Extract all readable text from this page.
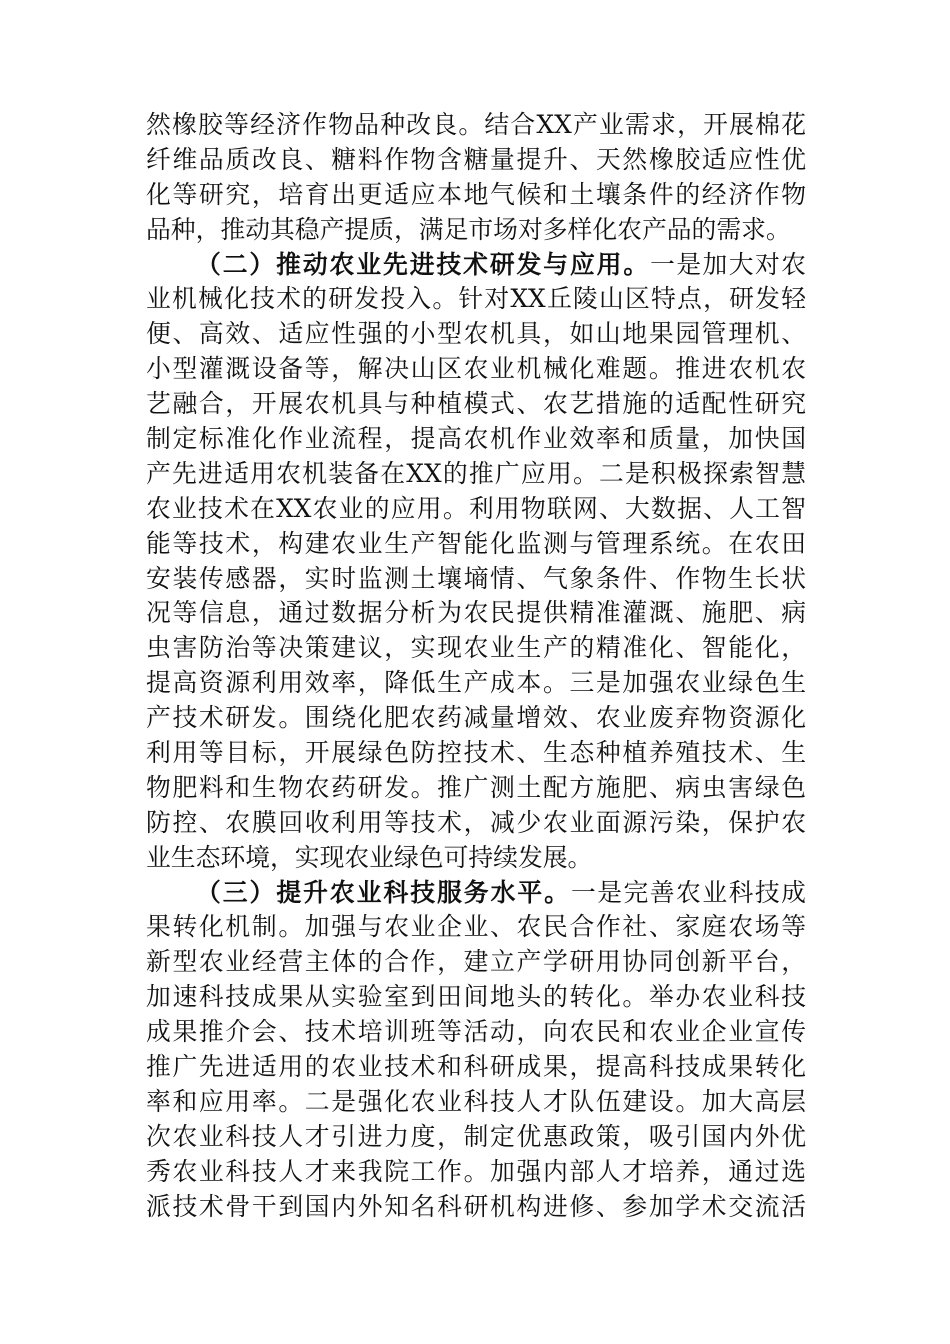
然橡胶等经济作物品种改良。结合XX产业需求，开展棉花
纤维品质改良、糖料作物含糖量提升、天然橡胶适应性优
化等研究，培育出更适应本地气候和土壤条件的经济作物
品种，推动其稳产提质，满足市场对多样化农产品的需求。
（二）推动农业先进技术研发与应用。一是加大对农
业机械化技术的研发投入。针对XX丘陵山区特点，研发轻
便、高效、适应性强的小型农机具，如山地果园管理机、
小型灌溉设备等，解决山区农业机械化难题。推进农机农
艺融合，开展农机具与种植模式、农艺措施的适配性研究
制定标准化作业流程，提高农机作业效率和质量，加快国
产先进适用农机装备在XX的推广应用。二是积极探索智慧
农业技术在XX农业的应用。利用物联网、大数据、人工智
能等技术，构建农业生产智能化监测与管理系统。在农田
安装传感器，实时监测土壤墒情、气象条件、作物生长状
况等信息，通过数据分析为农民提供精准灌溉、施肥、病
虫害防治等决策建议，实现农业生产的精准化、智能化，
提高资源利用效率，降低生产成本。三是加强农业绿色生
产技术研发。围绕化肥农药减量增效、农业废弃物资源化
利用等目标，开展绿色防控技术、生态种植养殖技术、生
物肥料和生物农药研发。推广测土配方施肥、病虫害绿色
防控、农膜回收利用等技术，减少农业面源污染，保护农
业生态环境，实现农业绿色可持续发展。
（三）提升农业科技服务水平。一是完善农业科技成
果转化机制。加强与农业企业、农民合作社、家庭农场等
新型农业经营主体的合作，建立产学研用协同创新平台，
加速科技成果从实验室到田间地头的转化。举办农业科技
成果推介会、技术培训班等活动，向农民和农业企业宣传
推广先进适用的农业技术和科研成果，提高科技成果转化
率和应用率。二是强化农业科技人才队伍建设。加大高层
次农业科技人才引进力度，制定优惠政策，吸引国内外优
秀农业科技人才来我院工作。加强内部人才培养，通过选
派技术骨干到国内外知名科研机构进修、参加学术交流活
